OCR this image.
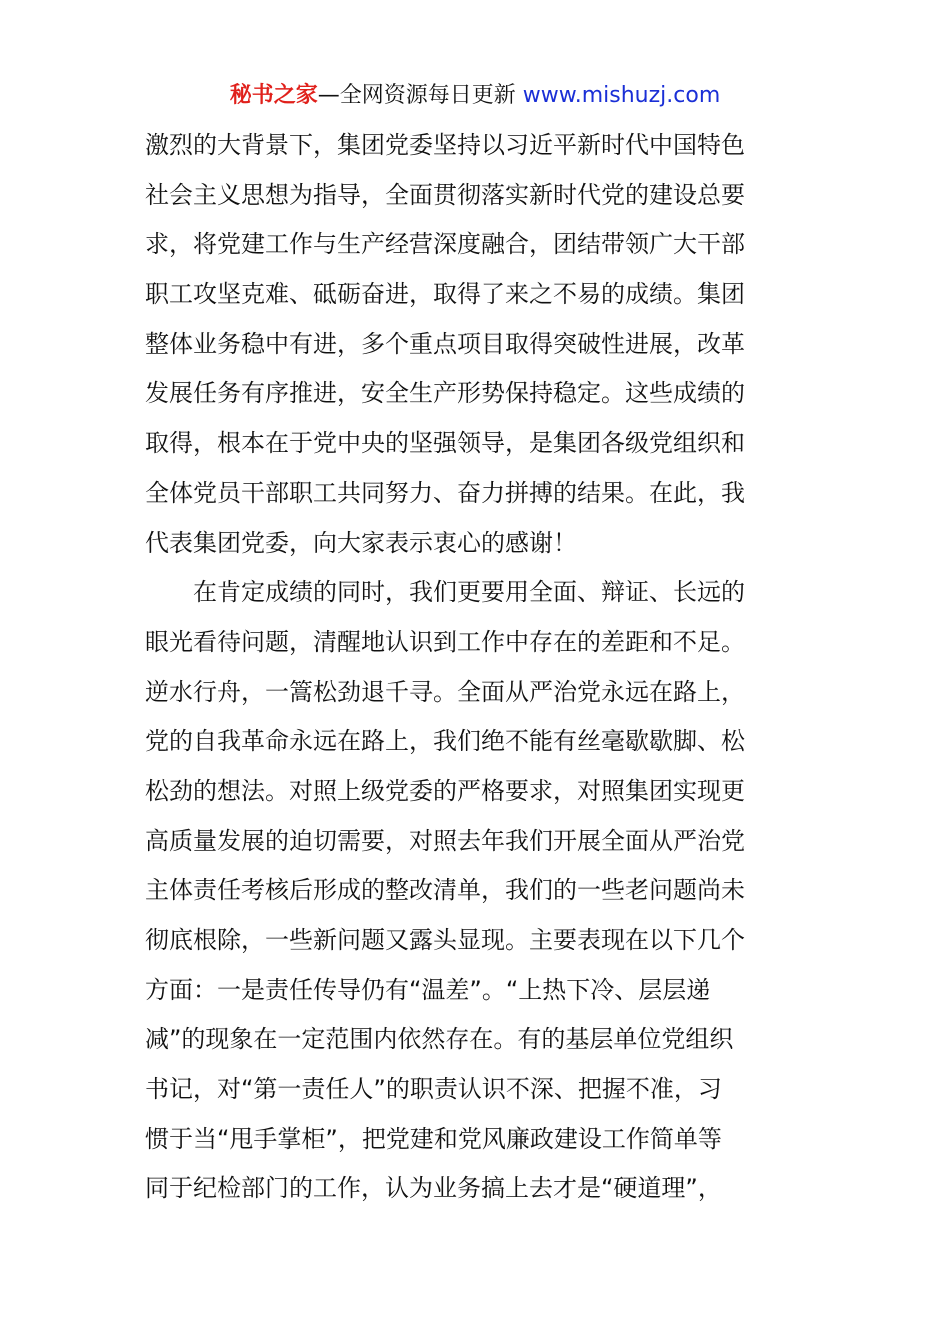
秘书之家—全网资源每日更新 www.mishuzj.com
激烈的大背景下，集团党委坚持以习近平新时代中国特色
社会主义思想为指导，全面贯彻落实新时代党的建设总要
求，将党建工作与生产经营深度融合，团结带领广大干部
职工攻坚克难、砥砺奋进，取得了来之不易的成绩。集团
整体业务稳中有进，多个重点项目取得突破性进展，改革
发展任务有序推进，安全生产形势保持稳定。这些成绩的
取得，根本在于党中央的坚强领导，是集团各级党组织和
全体党员干部职工共同努力、奋力拼搏的结果。在此，我
代表集团党委，向大家表示衷心的感谢！
在肯定成绩的同时，我们更要用全面、辩证、长远的
眼光看待问题，清醒地认识到工作中存在的差距和不足。
逆水行舟，一篙松劲退千寻。全面从严治党永远在路上，
党的自我革命永远在路上，我们绝不能有丝毫歇歇脚、松
松劲的想法。对照上级党委的严格要求，对照集团实现更
高质量发展的迫切需要，对照去年我们开展全面从严治党
主体责任考核后形成的整改清单，我们的一些老问题尚未
彻底根除，一些新问题又露头显现。主要表现在以下几个
方面：一是责任传导仍有“温差”。“上热下冷、层层递
减”的现象在一定范围内依然存在。有的基层单位党组织
书记，对“第一责任人”的职责认识不深、把握不准，习
惯于当“甩手掌柜”，把党建和党风廉政建设工作简单等
同于纪检部门的工作，认为业务搞上去才是“硬道理”，
